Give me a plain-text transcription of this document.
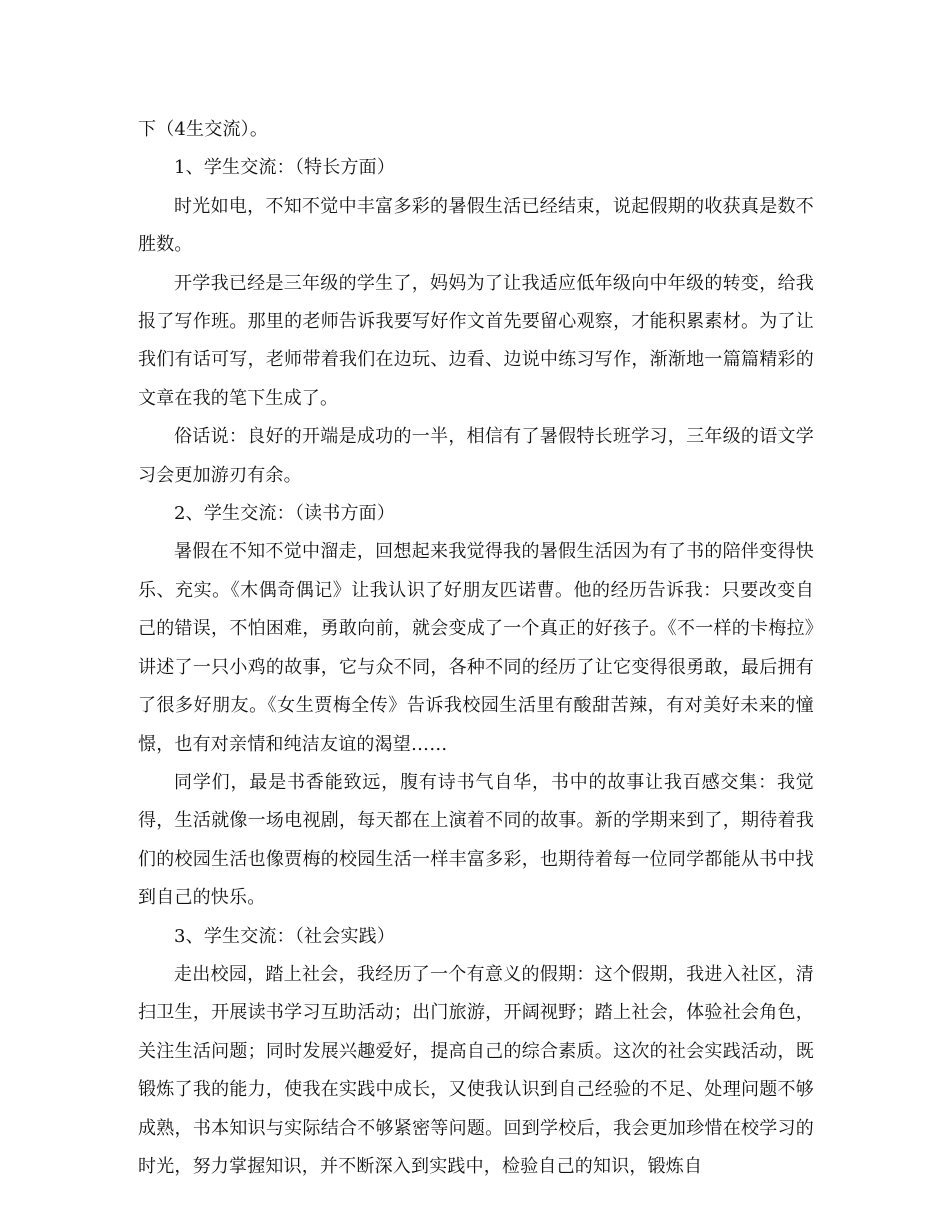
下（4生交流）。

1、学生交流：（特长方面）

时光如电，不知不觉中丰富多彩的暑假生活已经结束，说起假期的收获真是数不胜数。

开学我已经是三年级的学生了，妈妈为了让我适应低年级向中年级的转变，给我报了写作班。那里的老师告诉我要写好作文首先要留心观察，才能积累素材。为了让我们有话可写，老师带着我们在边玩、边看、边说中练习写作，渐渐地一篇篇精彩的文章在我的笔下生成了。

俗话说：良好的开端是成功的一半，相信有了暑假特长班学习，三年级的语文学习会更加游刃有余。

2、学生交流：（读书方面）

暑假在不知不觉中溜走，回想起来我觉得我的暑假生活因为有了书的陪伴变得快乐、充实。《木偶奇偶记》让我认识了好朋友匹诺曹。他的经历告诉我：只要改变自己的错误，不怕困难，勇敢向前，就会变成了一个真正的好孩子。《不一样的卡梅拉》讲述了一只小鸡的故事，它与众不同，各种不同的经历了让它变得很勇敢，最后拥有了很多好朋友。《女生贾梅全传》告诉我校园生活里有酸甜苦辣，有对美好未来的憧憬，也有对亲情和纯洁友谊的渴望……

同学们，最是书香能致远，腹有诗书气自华，书中的故事让我百感交集：我觉得，生活就像一场电视剧，每天都在上演着不同的故事。新的学期来到了，期待着我们的校园生活也像贾梅的校园生活一样丰富多彩，也期待着每一位同学都能从书中找到自己的快乐。

3、学生交流：（社会实践）

走出校园，踏上社会，我经历了一个有意义的假期：这个假期，我进入社区，清扫卫生，开展读书学习互助活动；出门旅游，开阔视野；踏上社会，体验社会角色，关注生活问题；同时发展兴趣爱好，提高自己的综合素质。这次的社会实践活动，既锻炼了我的能力，使我在实践中成长，又使我认识到自己经验的不足、处理问题不够成熟，书本知识与实际结合不够紧密等问题。回到学校后，我会更加珍惜在校学习的时光，努力掌握知识，并不断深入到实践中，检验自己的知识，锻炼自
